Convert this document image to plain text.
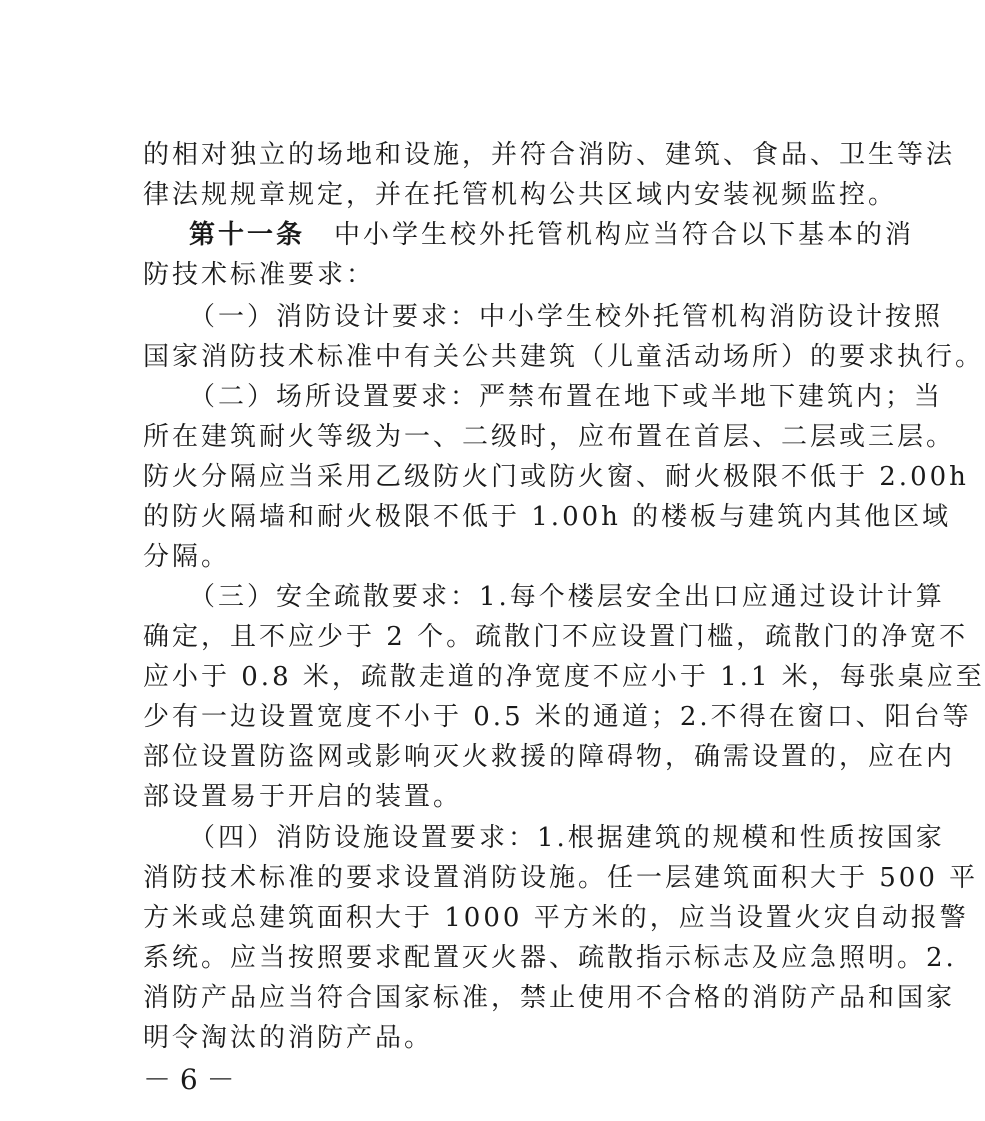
的相对独立的场地和设施，并符合消防、建筑、食品、卫生等法
律法规规章规定，并在托管机构公共区域内安装视频监控。
第十一条　 中小学生校外托管机构应当符合以下基本的消
防技术标准要求：
（一）消防设计要求：中小学生校外托管机构消防设计按照
国家消防技术标准中有关公共建筑（儿童活动场所）的要求执行。
（二）场所设置要求：严禁布置在地下或半地下建筑内；当
所在建筑耐火等级为一、二级时，应布置在首层、二层或三层。
防火分隔应当采用乙级防火门或防火窗、耐火极限不低于 2.00h
的防火隔墙和耐火极限不低于 1.00h 的楼板与建筑内其他区域
分隔。
（三）安全疏散要求：1.每个楼层安全出口应通过设计计算
确定，且不应少于 2 个。疏散门不应设置门槛，疏散门的净宽不
应小于 0.8 米，疏散走道的净宽度不应小于 1.1 米，每张桌应至
少有一边设置宽度不小于 0.5 米的通道；2.不得在窗口、阳台等
部位设置防盗网或影响灭火救援的障碍物，确需设置的，应在内
部设置易于开启的装置。
（四）消防设施设置要求：1.根据建筑的规模和性质按国家
消防技术标准的要求设置消防设施。任一层建筑面积大于 500 平
方米或总建筑面积大于 1000 平方米的，应当设置火灾自动报警
系统。应当按照要求配置灭火器、疏散指示标志及应急照明。2.
消防产品应当符合国家标准，禁止使用不合格的消防产品和国家
明令淘汰的消防产品。
－ 6 －
